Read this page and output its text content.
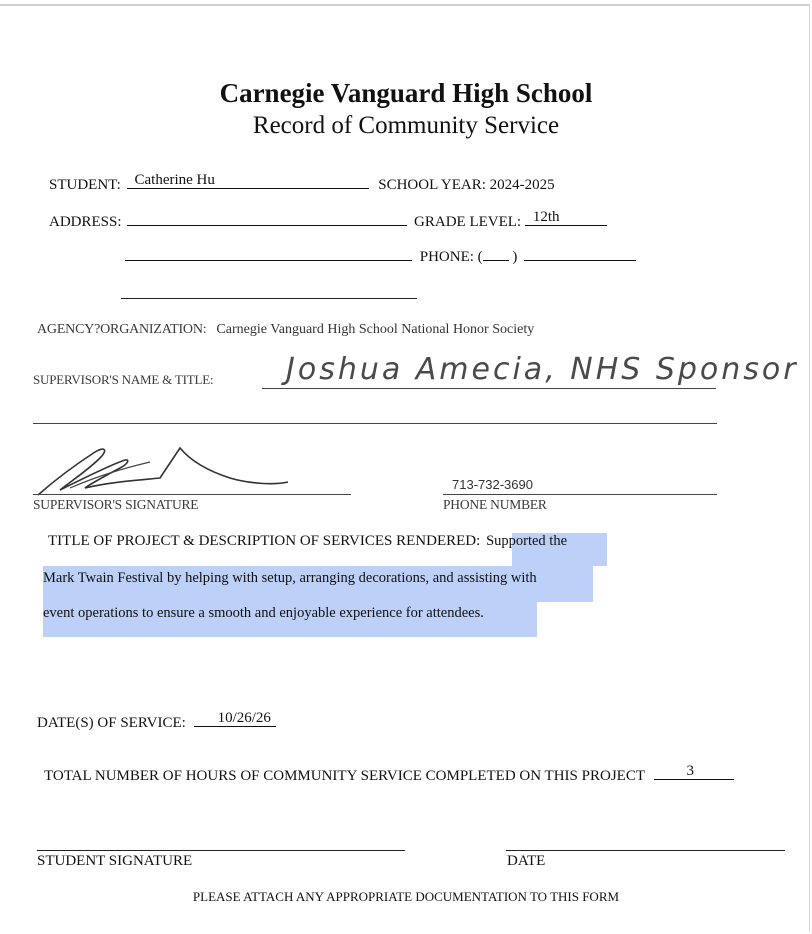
Carnegie Vanguard High School
Record of Community Service
STUDENT: Catherine Hu	SCHOOL YEAR: 2024-2025
ADDRESS:	GRADE LEVEL: 12th
PHONE: ( )
AGENCY?ORGANIZATION: Carnegie Vanguard High School National Honor Society
SUPERVISOR'S NAME & TITLE: Joshua Amecia, NHS Sponsor
SUPERVISOR'S SIGNATURE
713-732-3690
PHONE NUMBER
TITLE OF PROJECT & DESCRIPTION OF SERVICES RENDERED: Supported the
Mark Twain Festival by helping with setup, arranging decorations, and assisting with
event operations to ensure a smooth and enjoyable experience for attendees.
DATE(S) OF SERVICE: 10/26/26
TOTAL NUMBER OF HOURS OF COMMUNITY SERVICE COMPLETED ON THIS PROJECT	3
STUDENT SIGNATURE	DATE
PLEASE ATTACH ANY APPROPRIATE DOCUMENTATION TO THIS FORM
